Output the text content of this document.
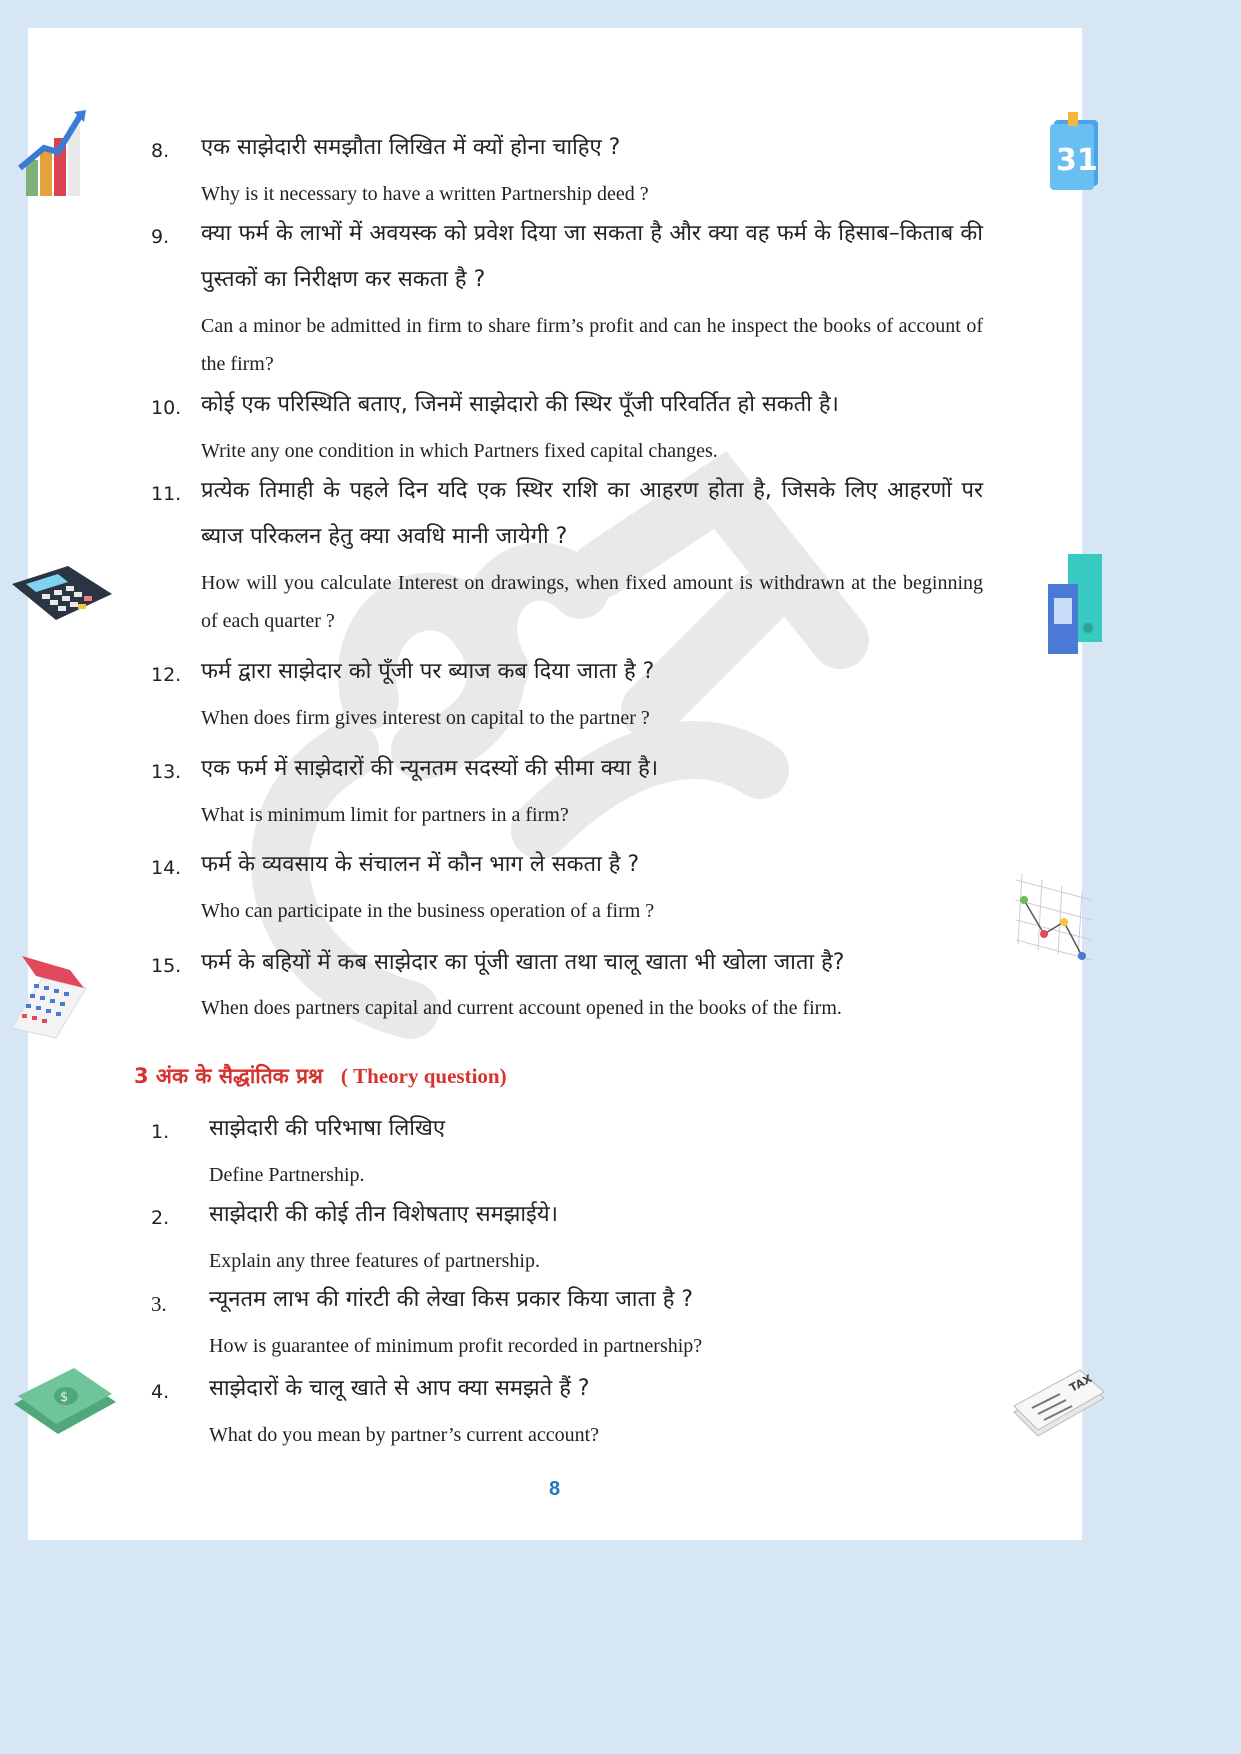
31
$
TAX
8. एक साझेदारी समझौता लिखित में क्यों होना चाहिए ?
Why is it necessary to have a written Partnership deed ?
9. क्या फर्म के लाभों में अवयस्क को प्रवेश दिया जा सकता है और क्या वह फर्म के हिसाब–किताब की पुस्तकों का निरीक्षण कर सकता है ?
Can a minor be admitted in firm to share firm’s profit and can he inspect the books of account of the firm?
10. कोई एक परिस्थिति बताए, जिनमें साझेदारो की स्थिर पूँजी परिवर्तित हो सकती है।
Write any one condition in which Partners fixed capital changes.
11. प्रत्येक तिमाही के पहले दिन यदि एक स्थिर राशि का आहरण होता है, जिसके लिए आहरणों पर ब्याज परिकलन हेतु क्या अवधि मानी जायेगी ?
How will you calculate Interest on drawings, when fixed amount is withdrawn at the beginning of each quarter ?
12. फर्म द्वारा साझेदार को पूँजी पर ब्याज कब दिया जाता है ?
When does firm gives interest on capital to the partner ?
13. एक फर्म में साझेदारों की न्यूनतम सदस्यों की सीमा क्या है।
What is minimum limit for partners in a firm?
14. फर्म के व्यवसाय के संचालन में कौन भाग ले सकता है ?
Who can participate in the business operation of a firm ?
15. फर्म के बहियों में कब साझेदार का पूंजी खाता तथा चालू खाता भी खोला जाता है?
When does partners capital and current account opened in the books of the firm.
3 अंक के सैद्धांतिक प्रश्न ( Theory question)
1. साझेदारी की परिभाषा लिखिए
Define Partnership.
2. साझेदारी की कोई तीन विशेषताए समझाईये।
Explain any three features of partnership.
3. न्यूनतम लाभ की गांरटी की लेखा किस प्रकार किया जाता है ?
How is guarantee of minimum profit recorded in partnership?
4. साझेदारों के चालू खाते से आप क्या समझते हैं ?
What do you mean by partner’s current account?
8
